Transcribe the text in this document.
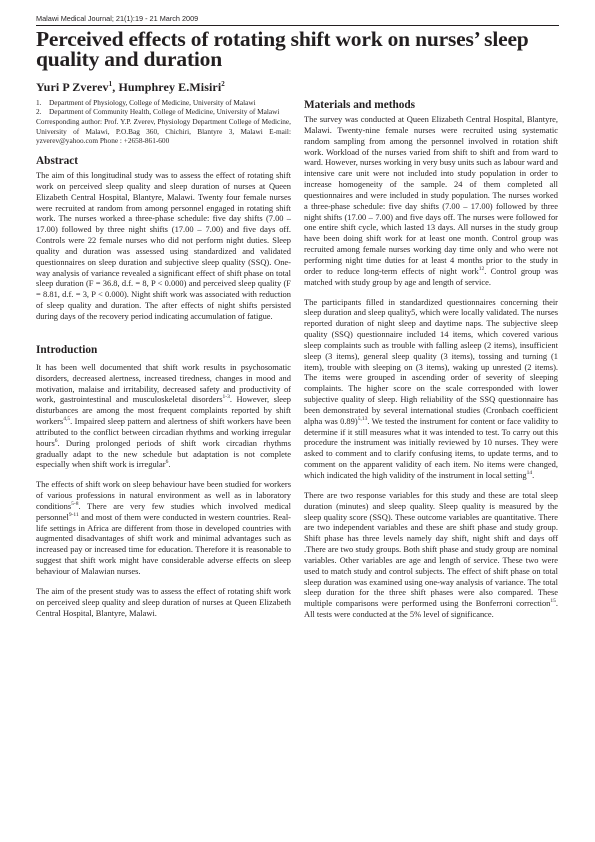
Malawi Medical Journal; 21(1):19 - 21 March 2009
Perceived effects of rotating shift work on nurses’ sleep quality and duration
Yuri P Zverev$^1$, Humphrey E.Misiri$^2$
1.	Department of Physiology, College of Medicine, University of Malawi
2.	Department of Community Health, College of Medicine, University of Malawi

Corresponding author: Prof. Y.P. Zverev, Physiology Department College of Medicine, University of Malawi, P.O.Bag 360, Chichiri, Blantyre 3, Malawi E-mail: yzverev@yahoo.com Phone : +2658-861-600

Abstract

The aim of this longitudinal study was to assess the effect of rotating shift work on perceived sleep quality and sleep duration of nurses at Queen Elizabeth Central Hospital, Blantyre, Malawi. Twenty four female nurses were recruited at random from among personnel engaged in rotating shift work. The nurses worked a three-phase schedule: five day shifts (7.00 – 17.00) followed by three night shifts (17.00 – 7.00) and five days off. Controls were 22 female nurses who did not perform night duties. Sleep quality and duration was assessed using standardized and validated questionnaires on sleep duration and subjective sleep quality (SSQ). One-way analysis of variance revealed a significant effect of shift phase on total sleep duration (F = 36.8, d.f. = 8, P < 0.000) and perceived sleep quality (F = 8.81, d.f. = 3, P < 0.000). Night shift work was associated with reduction of sleep quality and duration. The after effects of night shifts persisted during days of the recovery period indicating accumulation of fatigue.

Introduction

It has been well documented that shift work results in psychosomatic disorders, decreased alertness, increased tiredness, changes in mood and motivation, malaise and irritability, decreased safety and productivity of work, gastrointestinal and musculoskeletal disorders$^{1-3}$. However, sleep disturbances are among the most frequent complaints reported by shift workers$^{4,5}$. Impaired sleep pattern and alertness of shift workers have been attributed to the conflict between circadian rhythms and working irregular hours$^6$. During prolonged periods of shift work circadian rhythms gradually adapt to the new schedule but adaptation is not complete especially when shift work is irregular$^6$.

The effects of shift work on sleep behaviour have been studied for workers of various professions in natural environment as well as in laboratory conditions$^{5-8}$. There are very few studies which involved medical personnel$^{9-11}$ and most of them were conducted in western countries. Real-life settings in Africa are different from those in developed countries with augmented disadvantages of shift work and minimal advantages such as increased pay or increased time for education. Therefore it is reasonable to suggest that shift work might have considerable adverse effects on sleep behaviour of Malawian nurses.

The aim of the present study was to assess the effect of rotating shift work on perceived sleep quality and sleep duration of nurses at Queen Elizabeth Central Hospital, Blantyre, Malawi.

Materials and methods

The survey was conducted at Queen Elizabeth Central Hospital, Blantyre, Malawi. Twenty-nine female nurses were recruited using systematic random sampling from among the personnel involved in rotation shift work. Workload of the nurses varied from shift to shift and from ward to ward. However, nurses working in very busy units such as labour ward and intensive care unit were not included into study population in order to increase homogeneity of the sample. 24 of them completed all questionnaires and were included in study population. The nurses worked a three-phase schedule: five day shifts (7.00 – 17.00) followed by three night shifts (17.00 – 7.00) and five days off. The nurses were followed for one entire shift cycle, which lasted 13 days. All nurses in the study group have been doing shift work for at least one month. Control group was recruited among female nurses working day time only and who were not performing night time duties for at least 4 months prior to the study in order to reduce long-term effects of night work$^{12}$. Control group was matched with study group by age and length of service.

The participants filled in standardized questionnaires concerning their sleep duration and sleep quality5, which were locally validated. The nurses reported duration of night sleep and daytime naps. The subjective sleep quality (SSQ) questionnaire included 14 items, which covered various sleep complaints such as trouble with falling asleep (2 items), insufficient sleep (3 items), general sleep quality (3 items), tossing and turning (1 item), trouble with sleeping on (3 items), waking up unrested (2 items). The items were grouped in ascending order of severity of sleeping complaints. The higher score on the scale corresponded with lower subjective quality of sleep. High reliability of the SSQ questionnaire has been demonstrated by several international studies (Cronbach coefficient alpha was 0.89)$^{5,13}$. We tested the instrument for content or face validity to determine if it still measures what it was intended to test. To carry out this procedure the instrument was initially reviewed by 10 nurses. They were asked to comment and to clarify confusing items, to update terms, and to comment on the apparent validity of each item. No items were changed, which indicated the high validity of the instrument in local setting$^{14}$.

There are two response variables for this study and these are total sleep duration (minutes) and sleep quality. Sleep quality is measured by the sleep quality score (SSQ). These outcome variables are quantitative. There are two independent variables and these are shift phase and study group. Shift phase has three levels namely day shift, night shift and days off .There are two study groups. Both shift phase and study group are nominal variables. Other variables are age and length of service. These two were used to match study and control subjects. The effect of shift phase on total sleep duration was examined using one-way analysis of variance. The total sleep duration for the three shift phases were also compared. These multiple comparisons were performed using the Bonferroni correction$^{15}$. All tests were conducted at the 5% level of significance.
